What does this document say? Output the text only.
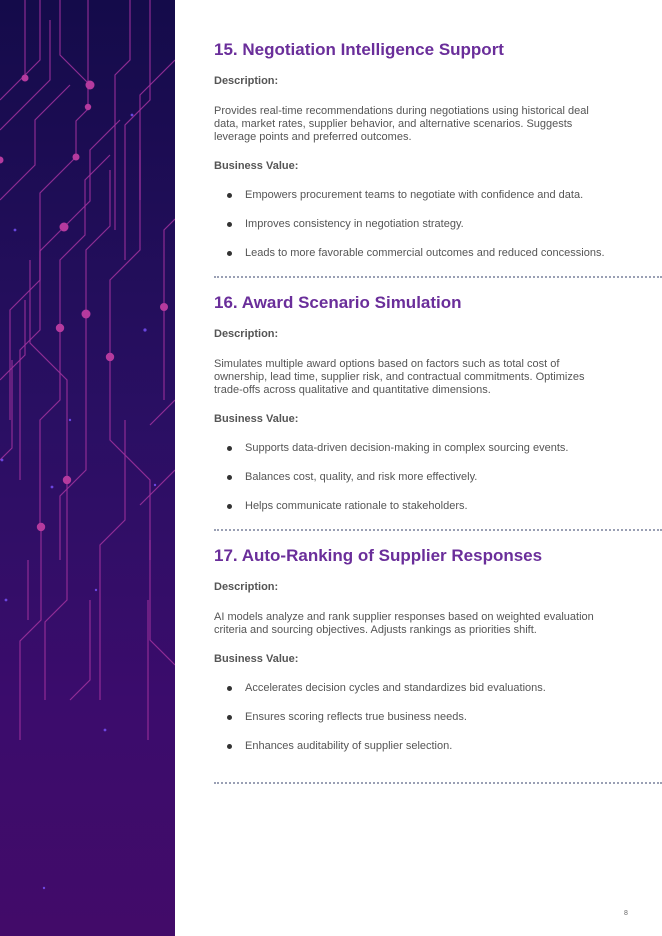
15. Negotiation Intelligence Support

Description:

Provides real-time recommendations during negotiations using historical deal data, market rates, supplier behavior, and alternative scenarios. Suggests leverage points and preferred outcomes.

Business Value:

Empowers procurement teams to negotiate with confidence and data.
Improves consistency in negotiation strategy.
Leads to more favorable commercial outcomes and reduced concessions.
16. Award Scenario Simulation

Description:

Simulates multiple award options based on factors such as total cost of ownership, lead time, supplier risk, and contractual commitments. Optimizes trade-offs across qualitative and quantitative dimensions.

Business Value:

Supports data-driven decision-making in complex sourcing events.
Balances cost, quality, and risk more effectively.
Helps communicate rationale to stakeholders.
17. Auto-Ranking of Supplier Responses

Description:

AI models analyze and rank supplier responses based on weighted evaluation criteria and sourcing objectives. Adjusts rankings as priorities shift.

Business Value:

Accelerates decision cycles and standardizes bid evaluations.
Ensures scoring reflects true business needs.
Enhances auditability of supplier selection.
8
